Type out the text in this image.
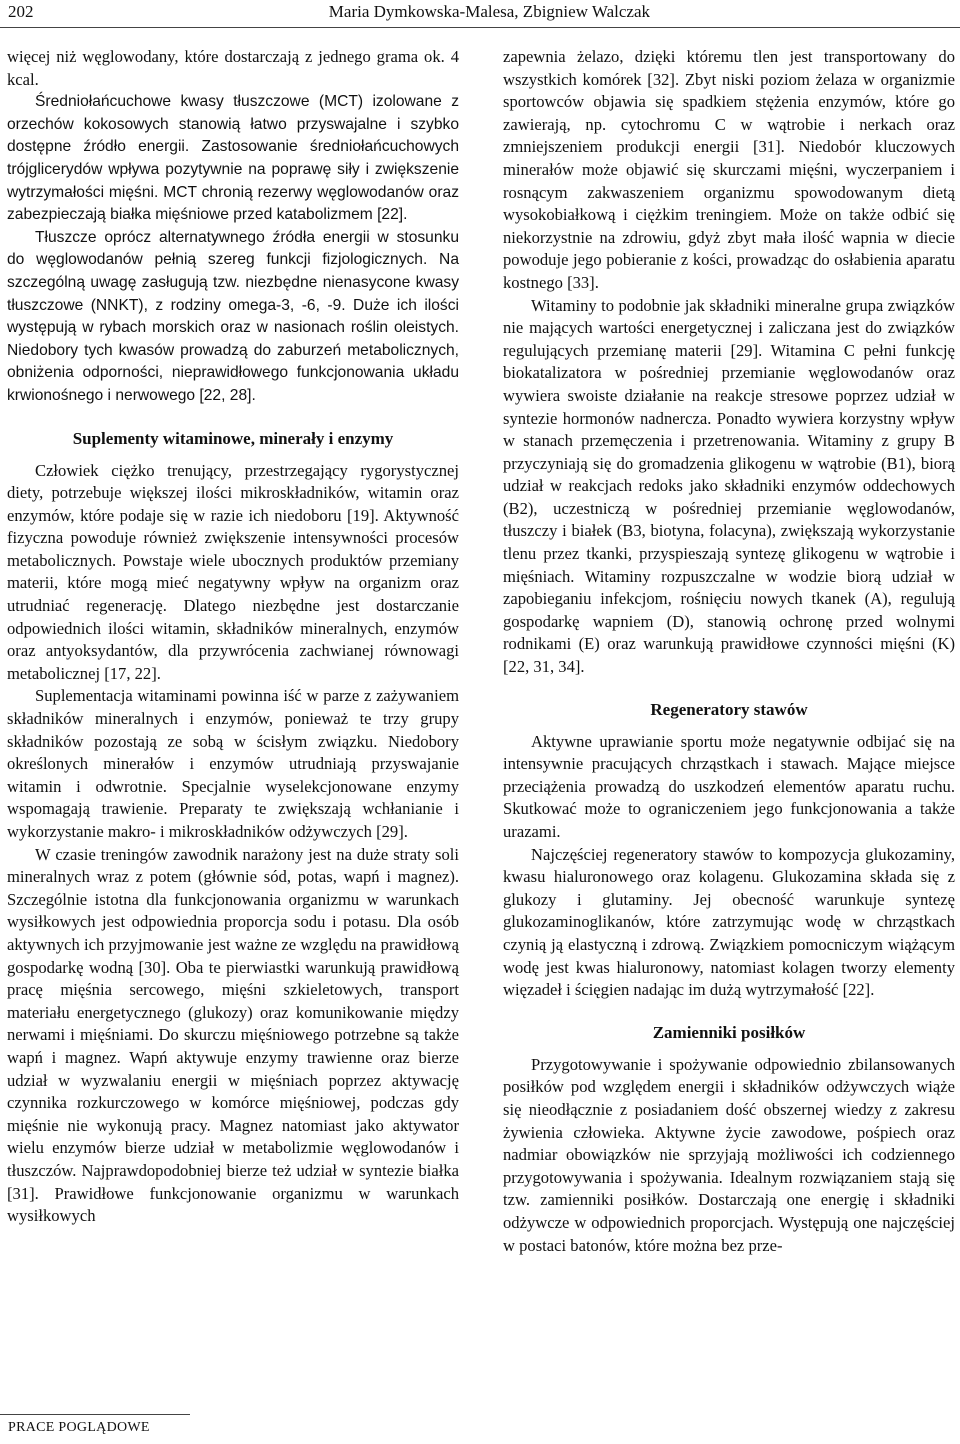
202	Maria Dymkowska-Malesa, Zbigniew Walczak

więcej niż węglowodany, które dostarczają z jednego grama ok. 4 kcal.

Średniołańcuchowe kwasy tłuszczowe (MCT) izolowane z orzechów kokosowych stanowią łatwo przyswajalne i szybko dostępne źródło energii. Zastosowanie średniołańcuchowych trójglicerydów wpływa pozytywnie na poprawę siły i zwiększenie wytrzymałości mięśni. MCT chronią rezerwy węglowodanów oraz zabezpieczają białka mięśniowe przed katabolizmem [22].

Tłuszcze oprócz alternatywnego źródła energii w stosunku do węglowodanów pełnią szereg funkcji fizjologicznych. Na szczególną uwagę zasługują tzw. niezbędne nienasycone kwasy tłuszczowe (NNKT), z rodziny omega-3, -6, -9. Duże ich ilości występują w rybach morskich oraz w nasionach roślin oleistych. Niedobory tych kwasów prowadzą do zaburzeń metabolicznych, obniżenia odporności, nieprawidłowego funkcjonowania układu krwionośnego i nerwowego [22, 28].

Suplementy witaminowe, minerały i enzymy

Człowiek ciężko trenujący, przestrzegający rygorystycznej diety, potrzebuje większej ilości mikroskładników, witamin oraz enzymów, które podaje się w razie ich niedoboru [19]. Aktywność fizyczna powoduje również zwiększenie intensywności procesów metabolicznych. Powstaje wiele ubocznych produktów przemiany materii, które mogą mieć negatywny wpływ na organizm oraz utrudniać regenerację. Dlatego niezbędne jest dostarczanie odpowiednich ilości witamin, składników mineralnych, enzymów oraz antyoksydantów, dla przywrócenia zachwianej równowagi metabolicznej [17, 22].

Suplementacja witaminami powinna iść w parze z zażywaniem składników mineralnych i enzymów, ponieważ te trzy grupy składników pozostają ze sobą w ścisłym związku. Niedobory określonych minerałów i enzymów utrudniają przyswajanie witamin i odwrotnie. Specjalnie wyselekcjonowane enzymy wspomagają trawienie. Preparaty te zwiększają wchłanianie i wykorzystanie makro- i mikroskładników odżywczych [29].

W czasie treningów zawodnik narażony jest na duże straty soli mineralnych wraz z potem (głównie sód, potas, wapń i magnez). Szczególnie istotna dla funkcjonowania organizmu w warunkach wysiłkowych jest odpowiednia proporcja sodu i potasu. Dla osób aktywnych ich przyjmowanie jest ważne ze względu na prawidłową gospodarkę wodną [30]. Oba te pierwiastki warunkują prawidłową pracę mięśnia sercowego, mięśni szkieletowych, transport materiału energetycznego (glukozy) oraz komunikowanie między nerwami i mięśniami. Do skurczu mięśniowego potrzebne są także wapń i magnez. Wapń aktywuje enzymy trawienne oraz bierze udział w wyzwalaniu energii w mięśniach poprzez aktywację czynnika rozkurczowego w komórce mięśniowej, podczas gdy mięśnie nie wykonują pracy. Magnez natomiast jako aktywator wielu enzymów bierze udział w metabolizmie węglowodanów i tłuszczów. Najprawdopodobniej bierze też udział w syntezie białka [31]. Prawidłowe funkcjonowanie organizmu w warunkach wysiłkowych

zapewnia żelazo, dzięki któremu tlen jest transportowany do wszystkich komórek [32]. Zbyt niski poziom żelaza w organizmie sportowców objawia się spadkiem stężenia enzymów, które go zawierają, np. cytochromu C w wątrobie i nerkach oraz zmniejszeniem produkcji energii [31]. Niedobór kluczowych minerałów może objawić się skurczami mięśni, wyczerpaniem i rosnącym zakwaszeniem organizmu spowodowanym dietą wysokobiałkową i ciężkim treningiem. Może on także odbić się niekorzystnie na zdrowiu, gdyż zbyt mała ilość wapnia w diecie powoduje jego pobieranie z kości, prowadząc do osłabienia aparatu kostnego [33].

Witaminy to podobnie jak składniki mineralne grupa związków nie mających wartości energetycznej i zaliczana jest do związków regulujących przemianę materii [29]. Witamina C pełni funkcję biokatalizatora w pośredniej przemianie węglowodanów oraz wywiera swoiste działanie na reakcje stresowe poprzez udział w syntezie hormonów nadnercza. Ponadto wywiera korzystny wpływ w stanach przemęczenia i przetrenowania. Witaminy z grupy B przyczyniają się do gromadzenia glikogenu w wątrobie (B1), biorą udział w reakcjach redoks jako składniki enzymów oddechowych (B2), uczestniczą w pośredniej przemianie węglowodanów, tłuszczy i białek (B3, biotyna, folacyna), zwiększają wykorzystanie tlenu przez tkanki, przyspieszają syntezę glikogenu w wątrobie i mięśniach. Witaminy rozpuszczalne w wodzie biorą udział w zapobieganiu infekcjom, rośnięciu nowych tkanek (A), regulują gospodarkę wapniem (D), stanowią ochronę przed wolnymi rodnikami (E) oraz warunkują prawidłowe czynności mięśni (K) [22, 31, 34].

Regeneratory stawów

Aktywne uprawianie sportu może negatywnie odbijać się na intensywnie pracujących chrząstkach i stawach. Mające miejsce przeciążenia prowadzą do uszkodzeń elementów aparatu ruchu. Skutkować może to ograniczeniem jego funkcjonowania a także urazami.

Najczęściej regeneratory stawów to kompozycja glukozaminy, kwasu hialuronowego oraz kolagenu. Glukozamina składa się z glukozy i glutaminy. Jej obecność warunkuje syntezę glukozaminoglikanów, które zatrzymując wodę w chrząstkach czynią ją elastyczną i zdrową. Związkiem pomocniczym wiążącym wodę jest kwas hialuronowy, natomiast kolagen tworzy elementy więzadeł i ścięgien nadając im dużą wytrzymałość [22].

Zamienniki posiłków

Przygotowywanie i spożywanie odpowiednio zbilansowanych posiłków pod względem energii i składników odżywczych wiąże się nieodłącznie z posiadaniem dość obszernej wiedzy z zakresu żywienia człowieka. Aktywne życie zawodowe, pośpiech oraz nadmiar obowiązków nie sprzyjają możliwości ich codziennego przygotowywania i spożywania. Idealnym rozwiązaniem stają się tzw. zamienniki posiłków. Dostarczają one energię i składniki odżywcze w odpowiednich proporcjach. Występują one najczęściej w postaci batonów, które można bez prze-

PRACE POGLĄDOWE
